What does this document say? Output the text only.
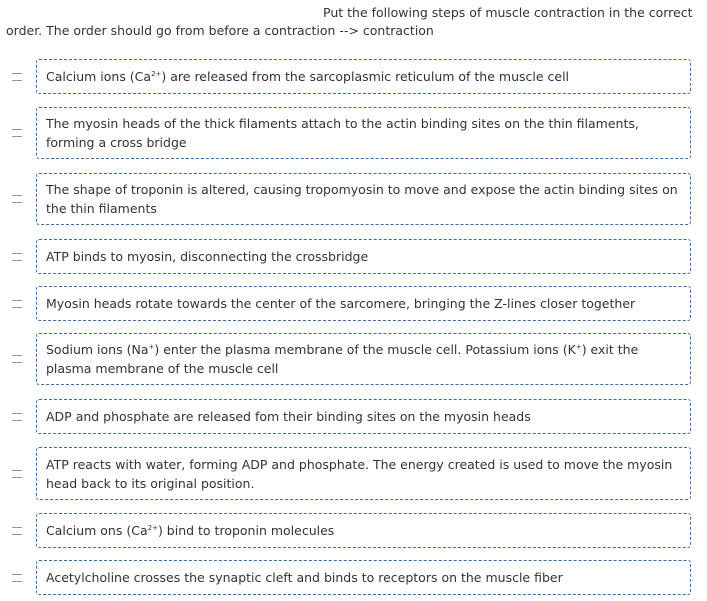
Put the following steps of muscle contraction in the correct
order. The order should go from before a contraction --> contraction
Calcium ions $(Ca^{2+})$ are released from the sarcoplasmic reticulum of the muscle cell
The myosin heads of the thick filaments attach to the actin binding sites on the thin filaments, forming a cross bridge
The shape of troponin is altered, causing tropomyosin to move and expose the actin binding sites on the thin filaments
ATP binds to myosin, disconnecting the crossbridge
Myosin heads rotate towards the center of the sarcomere, bringing the Z-lines closer together
Sodium ions (Na+) enter the plasma membrane of the muscle cell. Potassium ions (K+) exit the plasma membrane of the muscle cell
ADP and phosphate are released fom their binding sites on the myosin heads
ATP reacts with water, forming ADP and phosphate. The energy created is used to move the myosin head back to its original position.
Calcium ons $(Ca^{2+})$ bind to troponin molecules
Acetylcholine crosses the synaptic cleft and binds to receptors on the muscle fiber
